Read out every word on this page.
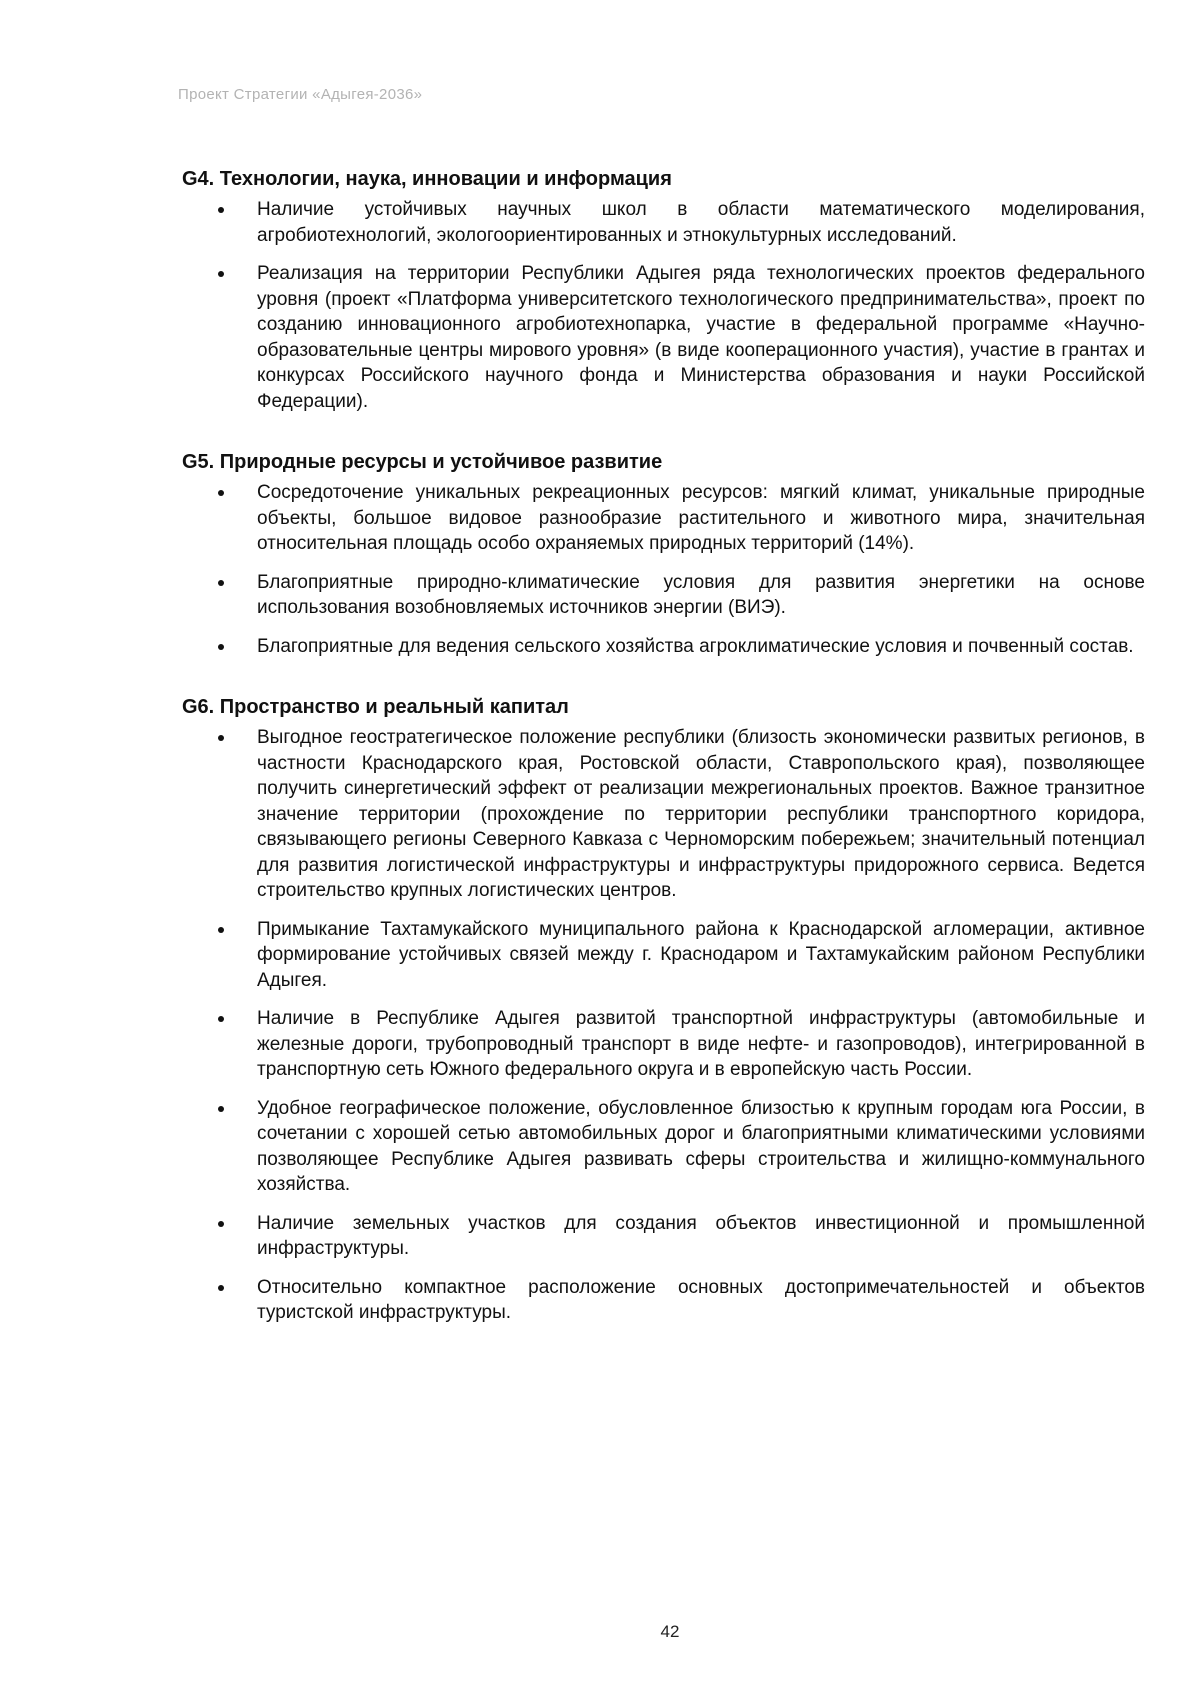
Проект Стратегии «Адыгея-2036»
G4. Технологии, наука, инновации и информация
Наличие устойчивых научных школ в области математического моделирования, агробиотехнологий, экологоориентированных и этнокультурных исследований.
Реализация на территории Республики Адыгея ряда технологических проектов федерального уровня (проект «Платформа университетского технологического предпринимательства», проект по созданию инновационного агробиотехнопарка, участие в федеральной программе «Научно-образовательные центры мирового уровня» (в виде кооперационного участия), участие в грантах и конкурсах Российского научного фонда и Министерства образования и науки Российской Федерации).
G5. Природные ресурсы и устойчивое развитие
Сосредоточение уникальных рекреационных ресурсов: мягкий климат, уникальные природные объекты, большое видовое разнообразие растительного и животного мира, значительная относительная площадь особо охраняемых природных территорий (14%).
Благоприятные природно-климатические условия для развития энергетики на основе использования возобновляемых источников энергии (ВИЭ).
Благоприятные для ведения сельского хозяйства агроклиматические условия и почвенный состав.
G6. Пространство и реальный капитал
Выгодное геостратегическое положение республики (близость экономически развитых регионов, в частности Краснодарского края, Ростовской области, Ставропольского края), позволяющее получить синергетический эффект от реализации межрегиональных проектов. Важное транзитное значение территории (прохождение по территории республики транспортного коридора, связывающего регионы Северного Кавказа с Черноморским побережьем; значительный потенциал для развития логистической инфраструктуры и инфраструктуры придорожного сервиса. Ведется строительство крупных логистических центров.
Примыкание Тахтамукайского муниципального района к Краснодарской агломерации, активное формирование устойчивых связей между г. Краснодаром и Тахтамукайским районом Республики Адыгея.
Наличие в Республике Адыгея развитой транспортной инфраструктуры (автомобильные и железные дороги, трубопроводный транспорт в виде нефте- и газопроводов), интегрированной в транспортную сеть Южного федерального округа и в европейскую часть России.
Удобное географическое положение, обусловленное близостью к крупным городам юга России, в сочетании с хорошей сетью автомобильных дорог и благоприятными климатическими условиями позволяющее Республике Адыгея развивать сферы строительства и жилищно-коммунального хозяйства.
Наличие земельных участков для создания объектов инвестиционной и промышленной инфраструктуры.
Относительно компактное расположение основных достопримечательностей и объектов туристской инфраструктуры.
42
